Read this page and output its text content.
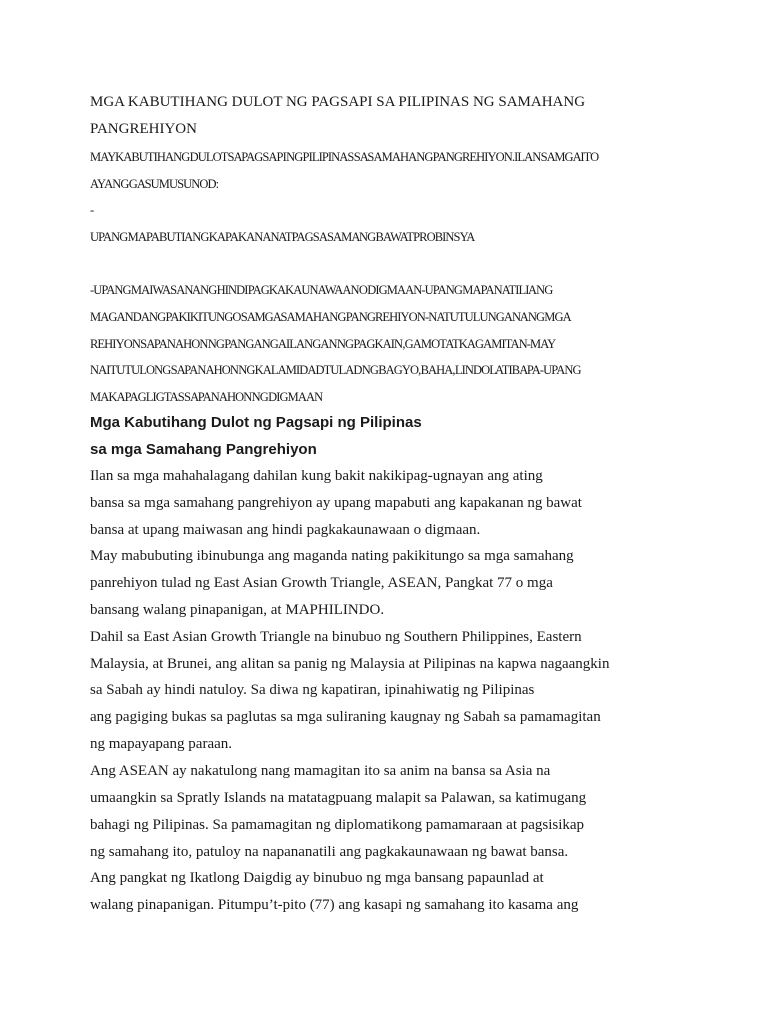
MGA KABUTIHANG DULOT NG PAGSAPI SA PILIPINAS NG SAMAHANG
PANGREHIYON
MAY KABUTIHANG DULOT SA PAGSAPI NG PILIPINAS SA SAMAHANG PANGREHIYON.ILAN SA MGA ITO
AY ANG GA SUMUSUNOD:
-
UPANG MAPABUTI ANG KAPAKANAN AT PAGSASAMA NG BAWAT PROBINSYA
-UPANG MAIWASAN ANG HINDI PAGKAKAUNAWAAN O DIGMAAN-UPANG MAPANATILI ANG
MAGANDANG PAKIKITUNGO SA MGA SAMAHANG PANGREHIYON-NATUTULUNGAN ANG MGA
REHIYON SA PANAHON NG PANGANGAILANGAN NG PAGKAIN ,GAMOT AT KAGAMITAN-MAY
NAITUTULONG SA PANAHON NG KALAMIDAD TULAD NG BAGYO, BAHA, LINDOL AT IBA PA-UPANG
MAKAPAGLIGTAS SA PANAHON NG DIGMAAN
Mga Kabutihang Dulot ng Pagsapi ng Pilipinas
sa mga Samahang Pangrehiyon
Ilan sa mga mahahalagang dahilan kung bakit nakikipag-ugnayan ang ating
bansa sa mga samahang pangrehiyon ay upang mapabuti ang kapakanan ng bawat
bansa at upang maiwasan ang hindi pagkakaunawaan o digmaan.
May mabubuting ibinubunga ang maganda nating pakikitungo sa mga samahang
panrehiyon tulad ng East Asian Growth Triangle, ASEAN, Pangkat 77 o mga
bansang walang pinapanigan, at MAPHILINDO.
Dahil sa East Asian Growth Triangle na binubuo ng Southern Philippines, Eastern
Malaysia, at Brunei, ang alitan sa panig ng Malaysia at Pilipinas na kapwa nagaangkin
sa Sabah ay hindi natuloy. Sa diwa ng kapatiran, ipinahiwatig ng Pilipinas
ang pagiging bukas sa paglutas sa mga suliraning kaugnay ng Sabah sa pamamagitan
ng mapayapang paraan.
Ang ASEAN ay nakatulong nang mamagitan ito sa anim na bansa sa Asia na
umaangkin sa Spratly Islands na matatagpuang malapit sa Palawan, sa katimugang
bahagi ng Pilipinas. Sa pamamagitan ng diplomatikong pamamaraan at pagsisikap
ng samahang ito, patuloy na napananatili ang pagkakaunawaan ng bawat bansa.
Ang pangkat ng Ikatlong Daigdig ay binubuo ng mga bansang papaunlad at
walang pinapanigan. Pitumpu’t-pito (77) ang kasapi ng samahang ito kasama ang
